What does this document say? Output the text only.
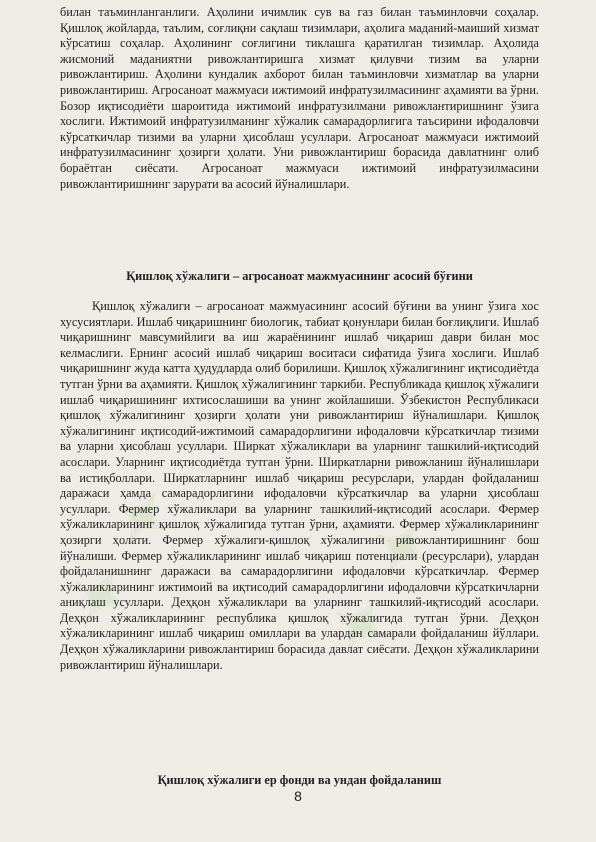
✦ ✦ ✦ ✦

билан таъминланганлиги. Аҳолини ичимлик сув ва газ билан таъминловчи соҳалар. Қишлоқ жойларда, таълим, соғлиқни сақлаш тизимлари, аҳолига маданий-маиший хизмат кўрсатиш соҳалар. Аҳолининг соғлигини тиклашга қаратилган тизимлар. Аҳолида жисмоний маданиятни ривожлантиришга хизмат қилувчи тизим ва уларни ривожлантириш. Аҳолини кундалик ахборот билан таъминловчи хизматлар ва уларни ривожлантириш. Агросаноат мажмуаси ижтимоий инфратузилмасининг аҳамияти ва ўрни. Бозор иқтисодиёти шароитида ижтимоий инфратузилмани ривожлантиришнинг ўзига хослиги. Ижтимоий инфратузилманинг хўжалик самарадорлигига таъсирини ифодаловчи кўрсаткичлар тизими ва уларни ҳисоблаш усуллари. Агросаноат мажмуаси ижтимоий инфратузилмасининг ҳозирги ҳолати. Уни ривожлантириш борасида давлатнинг олиб бораётган сиёсати. Агросаноат мажмуаси ижтимоий инфратузилмасини ривожлантиришнинг зарурати ва асосий йўналишлари.

Қишлоқ хўжалиги – агросаноат мажмуасининг асосий бўғини

Қишлоқ хўжалиги – агросаноат мажмуасининг асосий бўғини ва унинг ўзига хос хусусиятлари. Ишлаб чиқаришнинг биологик, табиат қонунлари билан боғлиқлиги. Ишлаб чиқаришнинг мавсумийлиги ва иш жараёнининг ишлаб чиқариш даври билан мос келмаслиги. Ернинг асосий ишлаб чиқариш воситаси сифатида ўзига хослиги. Ишлаб чиқаришнинг жуда катта ҳудудларда олиб борилиши. Қишлоқ хўжалигининг иқтисодиётда тутган ўрни ва аҳамияти. Қишлоқ хўжалигининг таркиби. Республикада қишлоқ хўжалиги ишлаб чиқаришининг ихтисослашиши ва унинг жойлашиши. Ўзбекистон Республикаси қишлоқ хўжалигининг ҳозирги ҳолати уни ривожлантириш йўналишлари. Қишлоқ хўжалигининг иқтисодий-ижтимоий самарадорлигини ифодаловчи кўрсаткичлар тизими ва уларни ҳисоблаш усуллари. Ширкат хўжаликлари ва уларнинг ташкилий-иқтисодий асослари. Уларнинг иқтисодиётда тутган ўрни. Ширкатларни ривожланиш йўналишлари ва истиқболлари. Ширкатларнинг ишлаб чиқариш ресурслари, улардан фойдаланиш даражаси ҳамда самарадорлигини ифодаловчи кўрсаткичлар ва уларни ҳисоблаш усуллари. Фермер хўжаликлари ва уларнинг ташкилий-иқтисодий асослари. Фермер хўжаликларининг қишлоқ хўжалигида тутган ўрни, аҳамияти. Фермер хўжаликларининг ҳозирги ҳолати. Фермер хўжалиги-қишлоқ хўжалигини ривожлантиришнинг бош йўналиши. Фермер хўжаликларининг ишлаб чиқариш потенциали (ресурслари), улардан фойдаланишнинг даражаси ва самарадорлигини ифодаловчи кўрсаткичлар. Фермер хўжаликларининг ижтимоий ва иқтисодий самарадорлигини ифодаловчи кўрсаткичларни аниқлаш усуллари. Деҳқон хўжаликлари ва уларнинг ташкилий-иқтисодий асослари. Деҳқон хўжаликларининг республика қишлоқ хўжалигида тутган ўрни. Деҳқон хўжаликларининг ишлаб чиқариш омиллари ва улардан самарали фойдаланиш йўллари. Деҳқон хўжаликларини ривожлантириш борасида давлат сиёсати. Деҳқон хўжаликларини ривожлантириш йўналишлари.

Қишлоқ хўжалиги ер фонди ва ундан фойдаланиш

8
